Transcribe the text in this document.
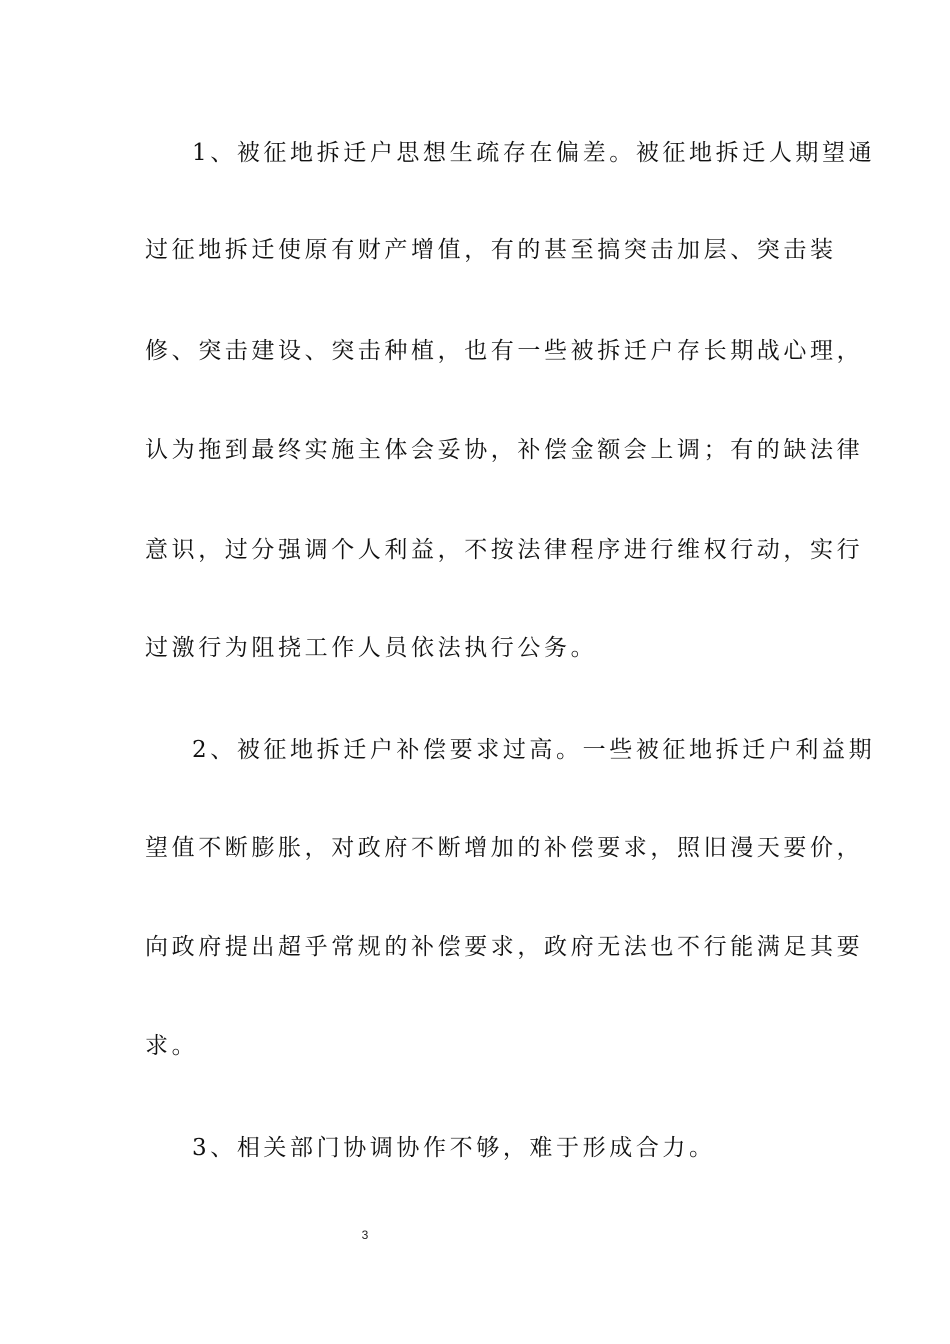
1、被征地拆迁户思想生疏存在偏差。被征地拆迁人期望通

过征地拆迁使原有财产增值，有的甚至搞突击加层、突击装

修、突击建设、突击种植，也有一些被拆迁户存长期战心理，

认为拖到最终实施主体会妥协，补偿金额会上调；有的缺法律

意识，过分强调个人利益，不按法律程序进行维权行动，实行

过激行为阻挠工作人员依法执行公务。

2、被征地拆迁户补偿要求过高。一些被征地拆迁户利益期

望值不断膨胀，对政府不断增加的补偿要求，照旧漫天要价，

向政府提出超乎常规的补偿要求，政府无法也不行能满足其要

求。

3、相关部门协调协作不够，难于形成合力。

3
